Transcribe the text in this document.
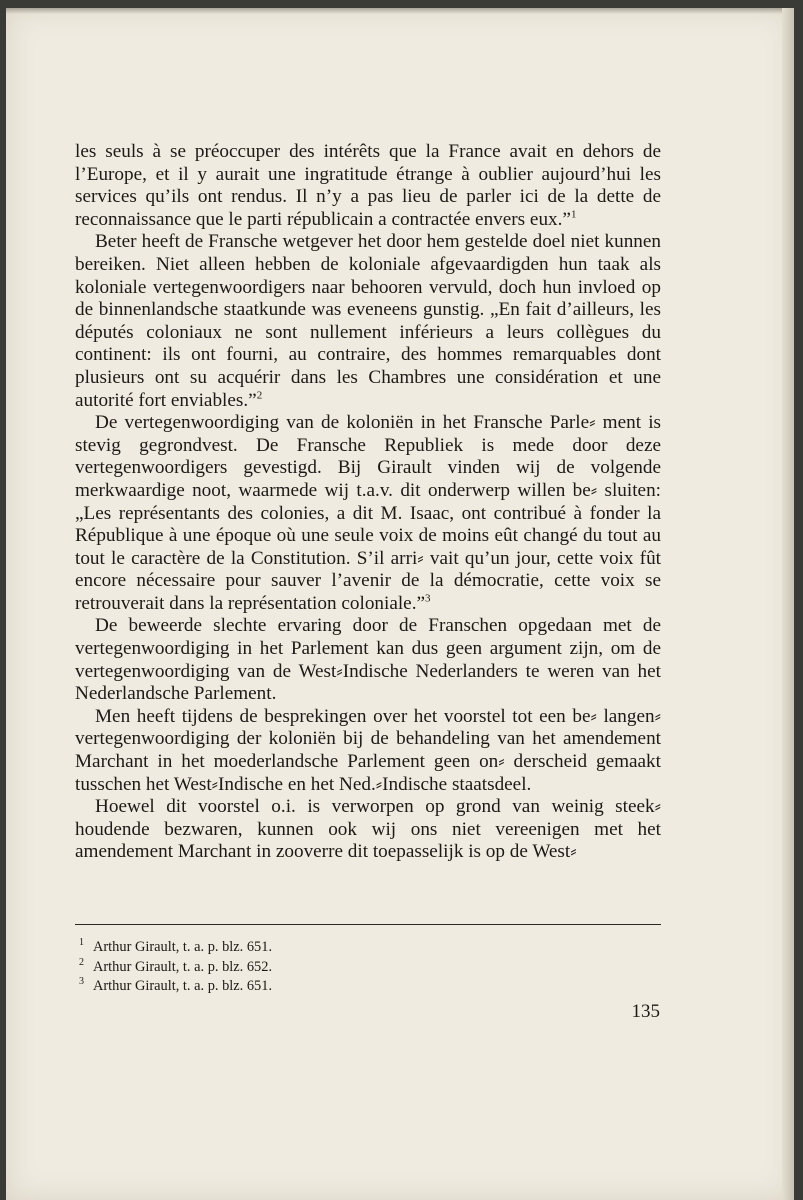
les seuls à se préoccuper des intérêts que la France avait en dehors de l’Europe, et il y aurait une ingratitude étrange à oublier aujourd’hui les services qu’ils ont rendus. Il n’y a pas lieu de parler ici de la dette de reconnaissance que le parti républicain a contractée envers eux.”$^1$

Beter heeft de Fransche wetgever het door hem gestelde doel niet kunnen bereiken. Niet alleen hebben de koloniale afgevaardigden hun taak als koloniale vertegenwoordigers naar behooren vervuld, doch hun invloed op de binnenlandsche staatkunde was eveneens gunstig. „En fait d’ailleurs, les députés coloniaux ne sont nullement inférieurs a leurs collègues du continent: ils ont fourni, au contraire, des hommes remarquables dont plusieurs ont su acquérir dans les Chambres une considération et une autorité fort enviables.”$^2$

De vertegenwoordiging van de koloniën in het Fransche Parle⸗ ment is stevig gegrondvest. De Fransche Republiek is mede door deze vertegenwoordigers gevestigd. Bij Girault vinden wij de volgende merkwaardige noot, waarmede wij t.a.v. dit onderwerp willen be⸗ sluiten: „Les représentants des colonies, a dit M. Isaac, ont contribué à fonder la République à une époque où une seule voix de moins eût changé du tout au tout le caractère de la Constitution. S’il arri⸗ vait qu’un jour, cette voix fût encore nécessaire pour sauver l’avenir de la démocratie, cette voix se retrouverait dans la représentation coloniale.”$^3$

De beweerde slechte ervaring door de Franschen opgedaan met de vertegenwoordiging in het Parlement kan dus geen argument zijn, om de vertegenwoordiging van de West⸗Indische Nederlanders te weren van het Nederlandsche Parlement.

Men heeft tijdens de besprekingen over het voorstel tot een be⸗ langen⸗vertegenwoordiging der koloniën bij de behandeling van het amendement Marchant in het moederlandsche Parlement geen on⸗ derscheid gemaakt tusschen het West⸗Indische en het Ned.⸗Indische staatsdeel.

Hoewel dit voorstel o.i. is verworpen op grond van weinig steek⸗ houdende bezwaren, kunnen ook wij ons niet vereenigen met het amendement Marchant in zooverre dit toepasselijk is op de West⸗

1 Arthur Girault, t. a. p. blz. 651.

2 Arthur Girault, t. a. p. blz. 652.

3 Arthur Girault, t. a. p. blz. 651.

135
